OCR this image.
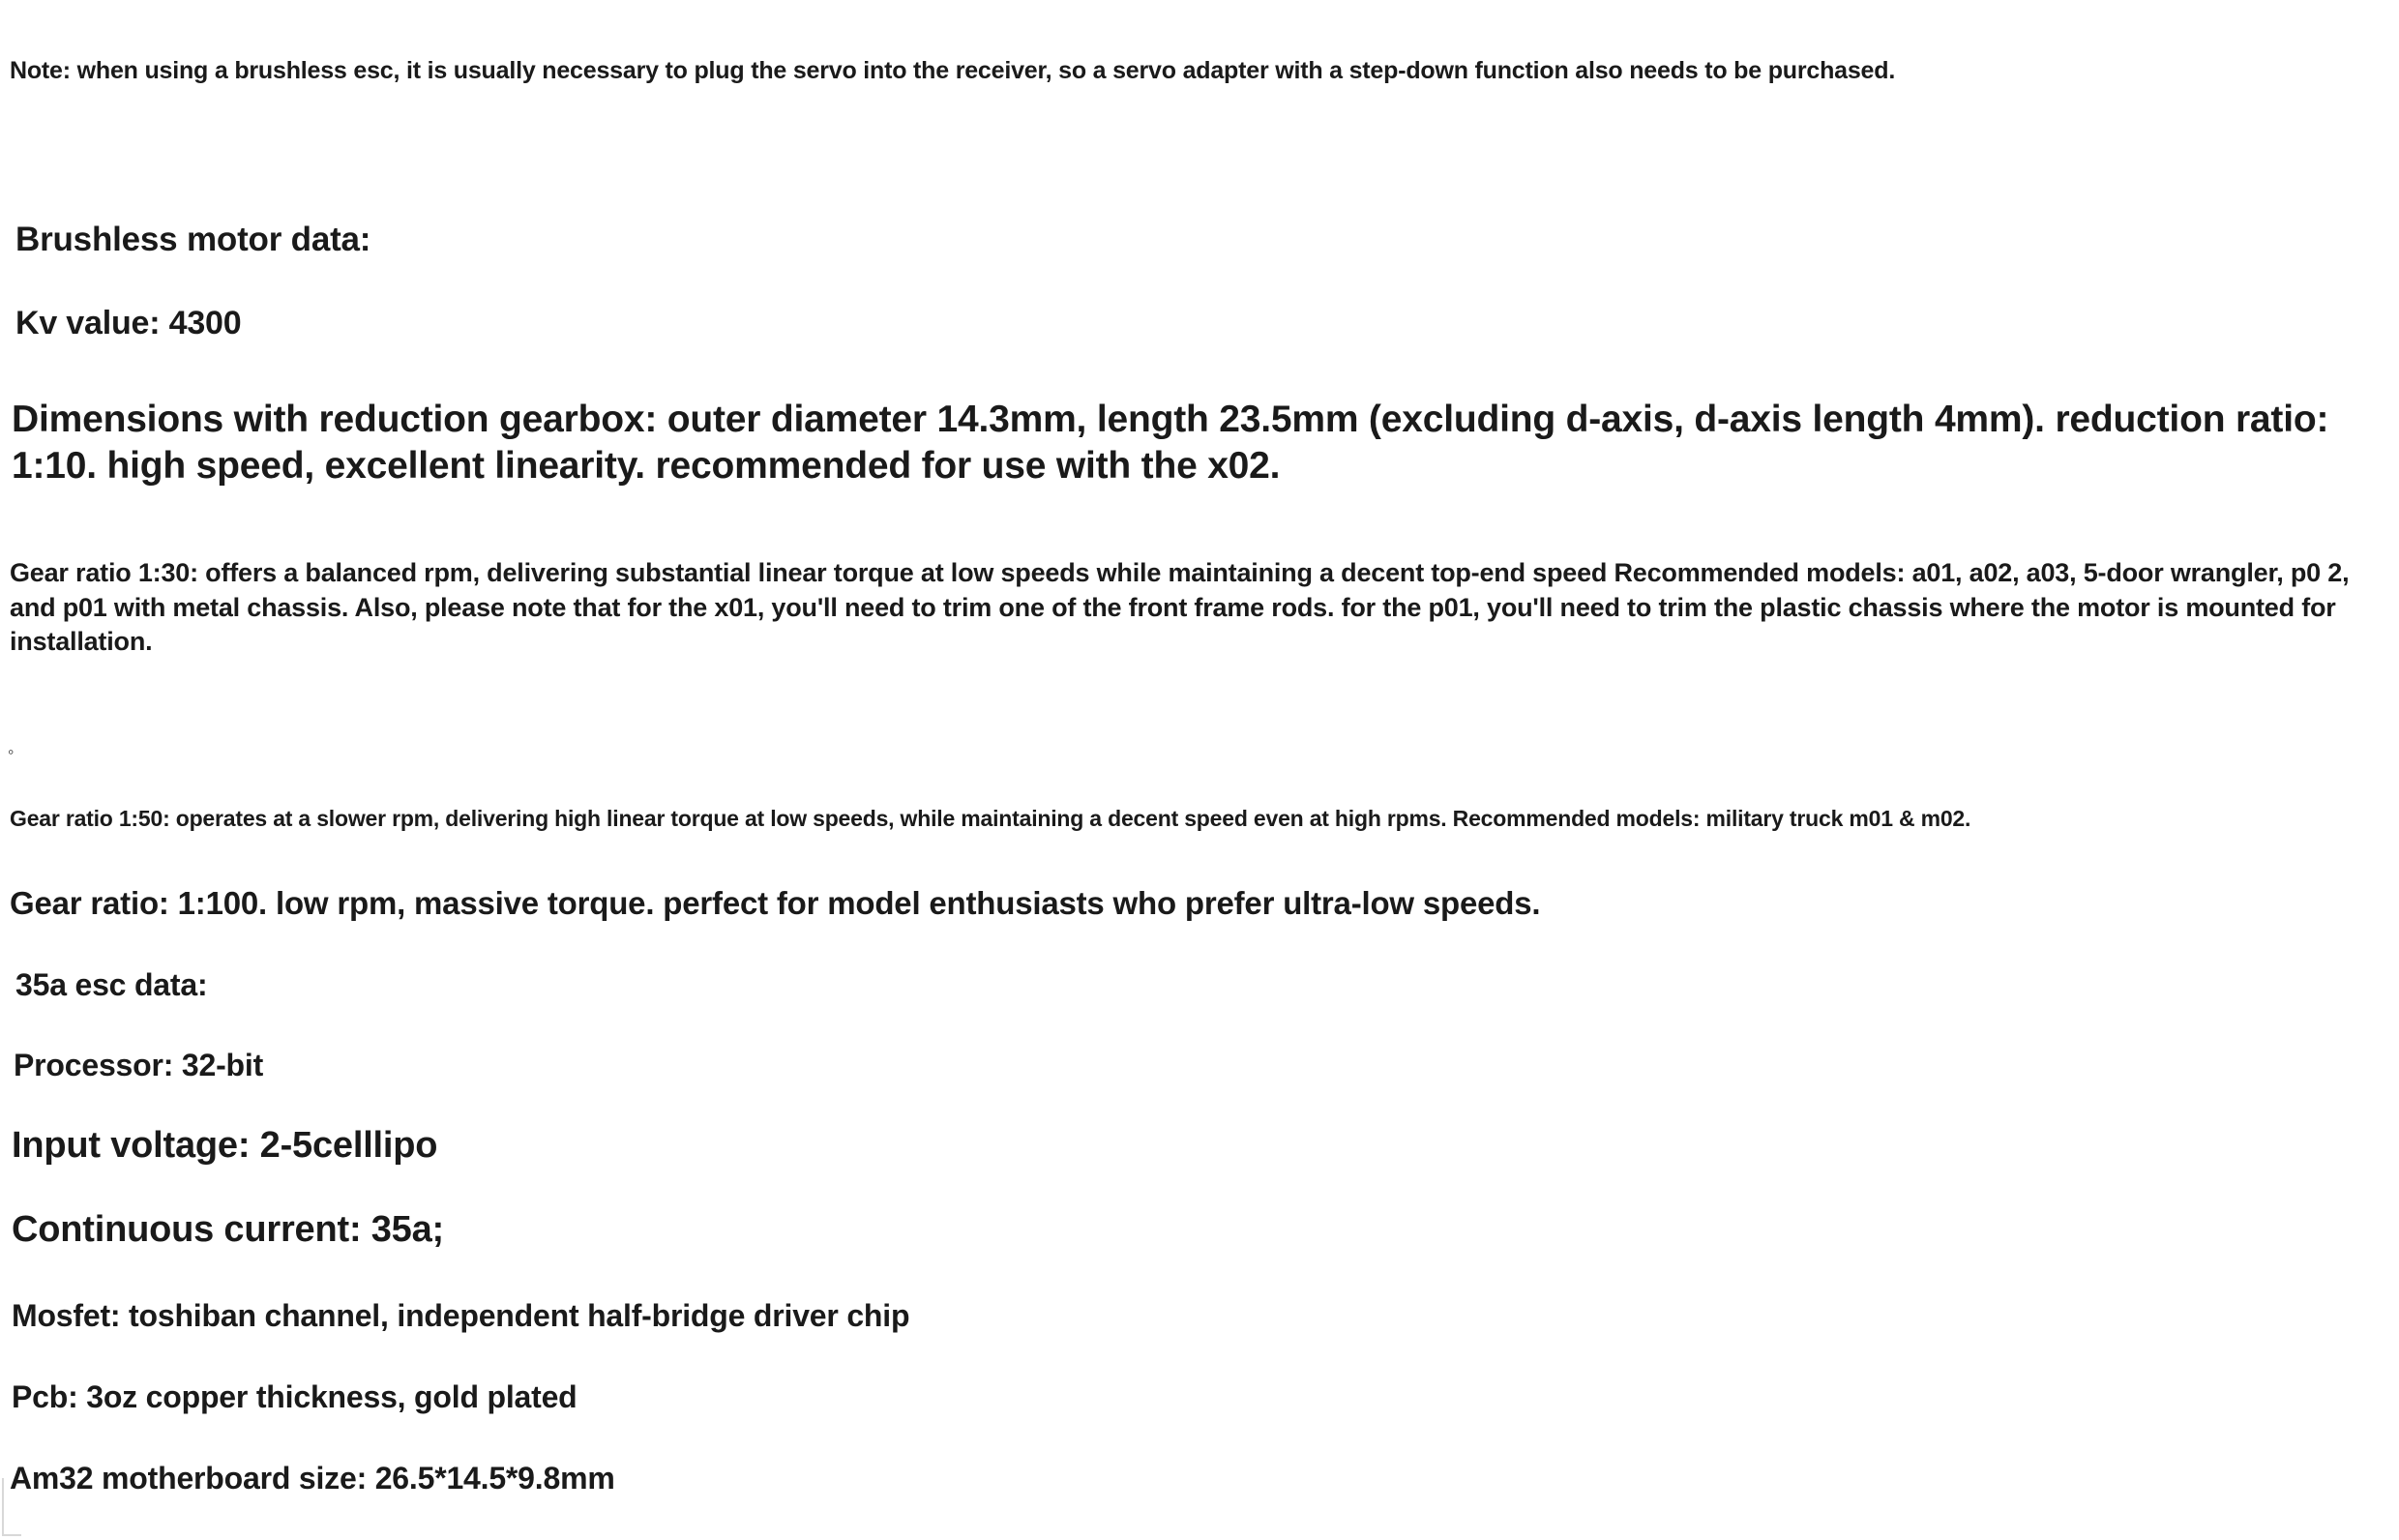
Note: when using a brushless esc, it is usually necessary to plug the servo into the receiver, so a servo adapter with a step-down function also needs to be purchased.
Brushless motor data:
Kv value: 4300
Dimensions with reduction gearbox: outer diameter 14.3mm, length 23.5mm (excluding d-axis, d-axis length 4mm). reduction ratio: 1:10. high speed, excellent linearity. recommended for use with the x02.
Gear ratio 1:30: offers a balanced rpm, delivering substantial linear torque at low speeds while maintaining a decent top-end speed Recommended models: a01, a02, a03, 5-door wrangler, p0 2, and p01 with metal chassis. Also, please note that for the x01, you'll need to trim one of the front frame rods. for the p01, you'll need to trim the plastic chassis where the motor is mounted for installation.
◦
Gear ratio 1:50: operates at a slower rpm, delivering high linear torque at low speeds, while maintaining a decent speed even at high rpms. Recommended models: military truck m01 & m02.
Gear ratio: 1:100. low rpm, massive torque. perfect for model enthusiasts who prefer ultra-low speeds.
35a esc data:
Processor: 32-bit
Input voltage: 2-5celllipo
Continuous current: 35a;
Mosfet: toshiban channel, independent half-bridge driver chip
Pcb: 3oz copper thickness, gold plated
Am32 motherboard size: 26.5*14.5*9.8mm
